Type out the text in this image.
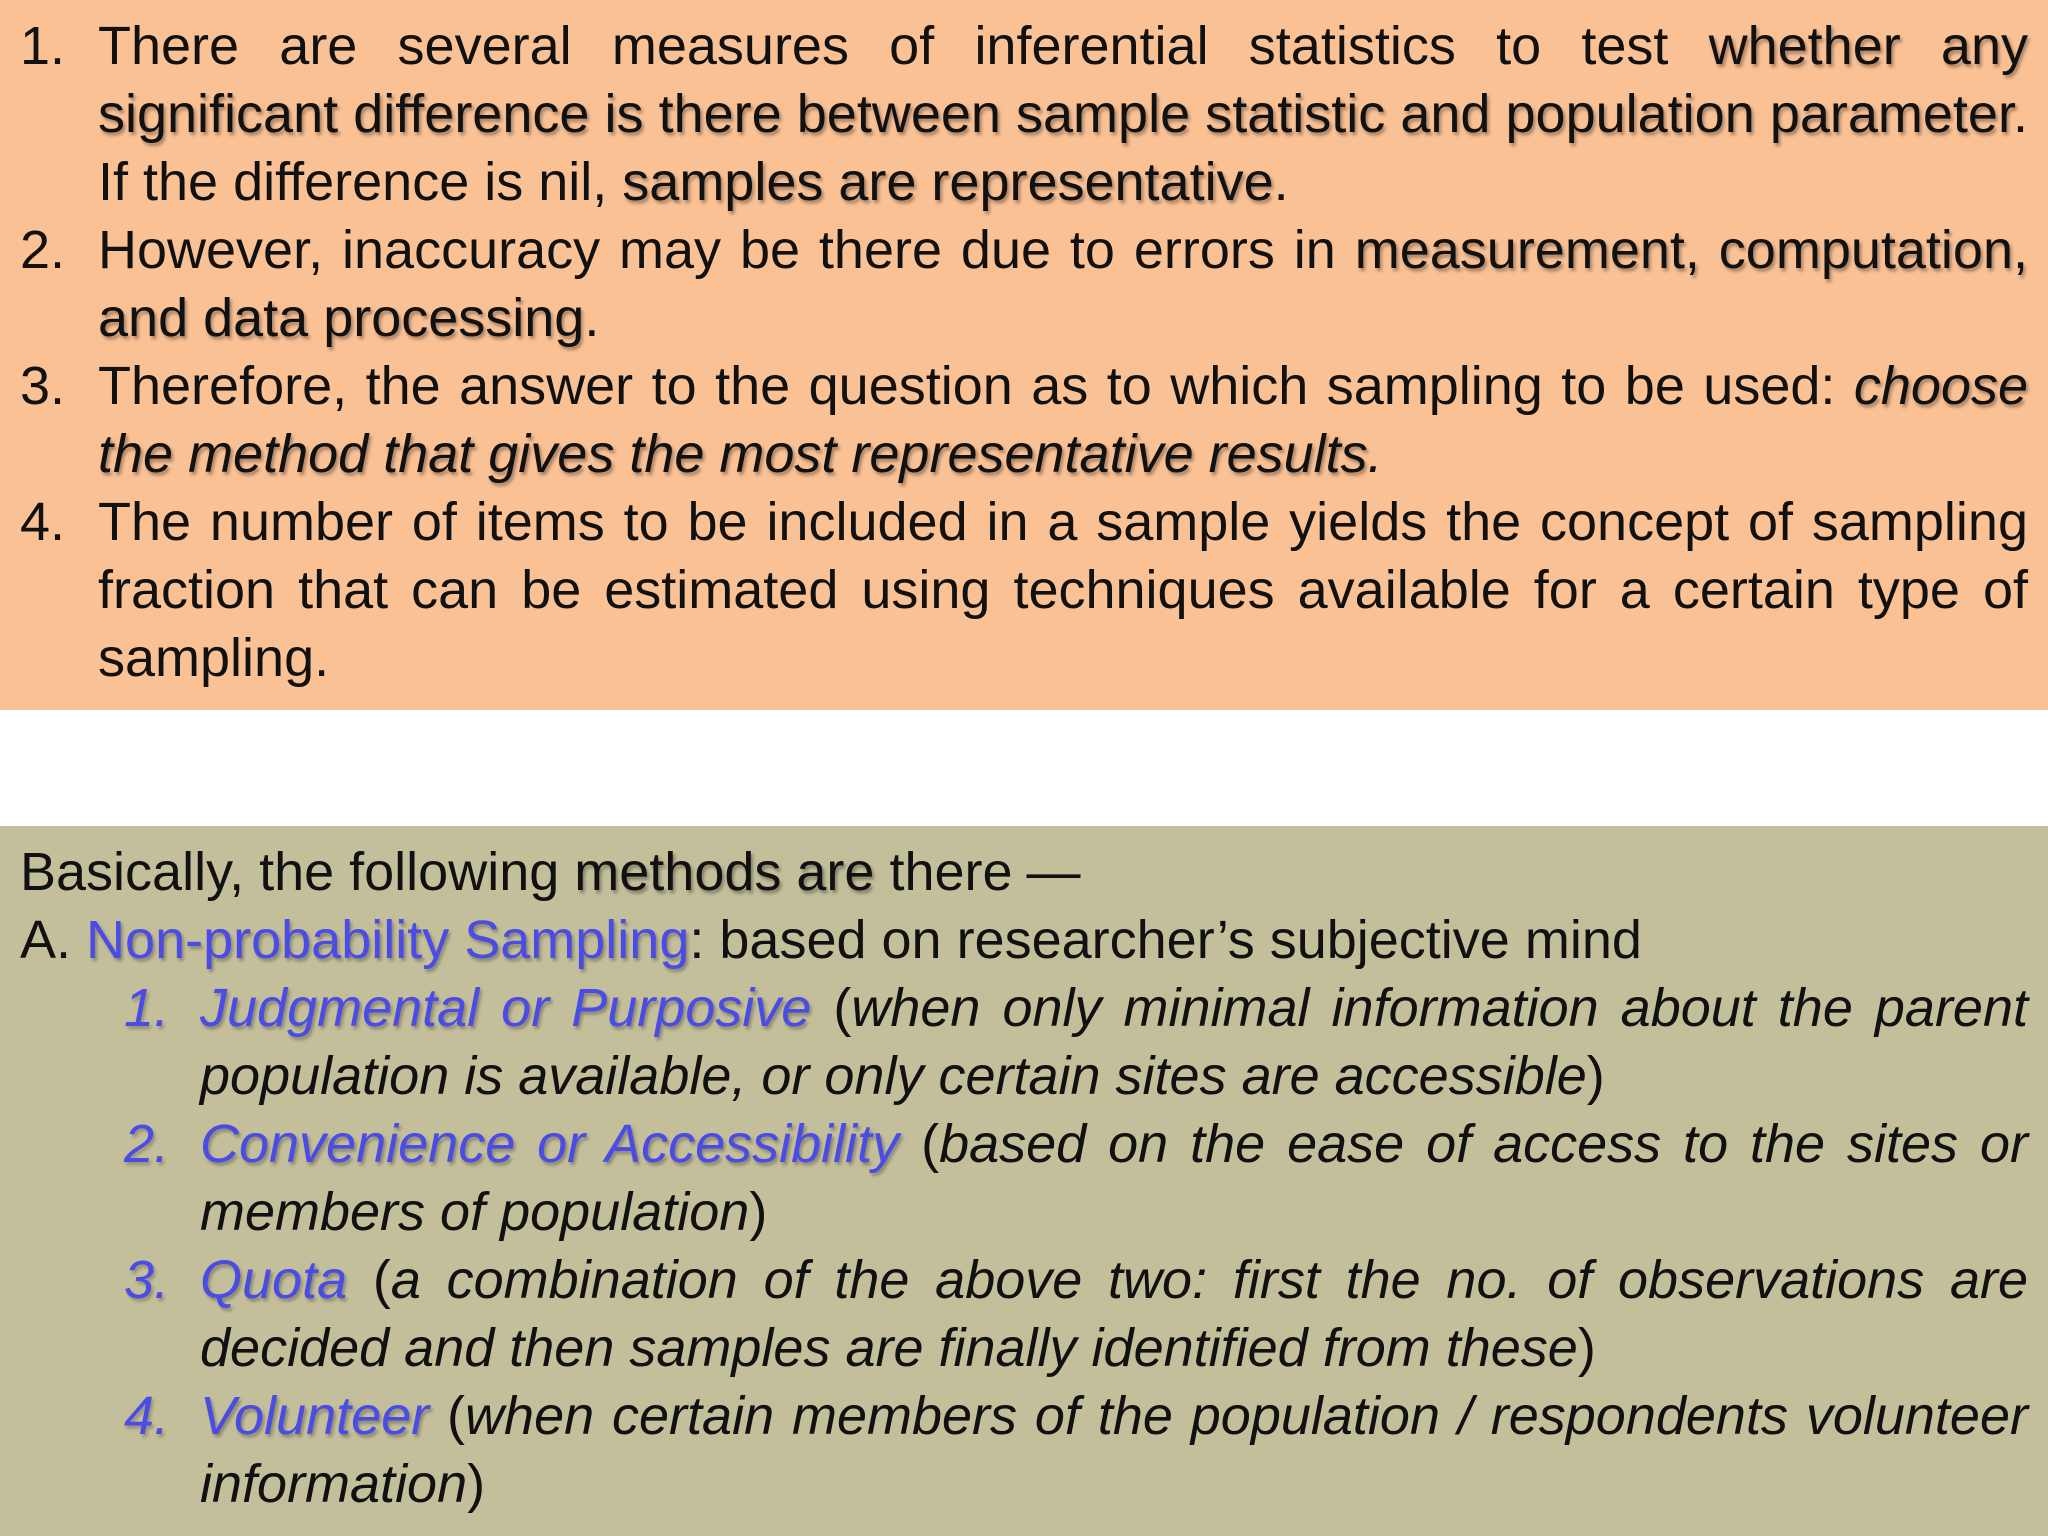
1. There are several measures of inferential statistics to test whether any significant difference is there between sample statistic and population parameter. If the difference is nil, samples are representative.
2. However, inaccuracy may be there due to errors in measurement, computation, and data processing.
3. Therefore, the answer to the question as to which sampling to be used: choose the method that gives the most representative results.
4. The number of items to be included in a sample yields the concept of sampling fraction that can be estimated using techniques available for a certain type of sampling.
Basically, the following methods are there —
A. Non-probability Sampling: based on researcher’s subjective mind
1. Judgmental or Purposive (when only minimal information about the parent population is available, or only certain sites are accessible)
2. Convenience or Accessibility (based on the ease of access to the sites or members of population)
3. Quota (a combination of the above two: first the no. of observations are decided and then samples are finally identified from these)
4. Volunteer (when certain members of the population / respondents volunteer information)
